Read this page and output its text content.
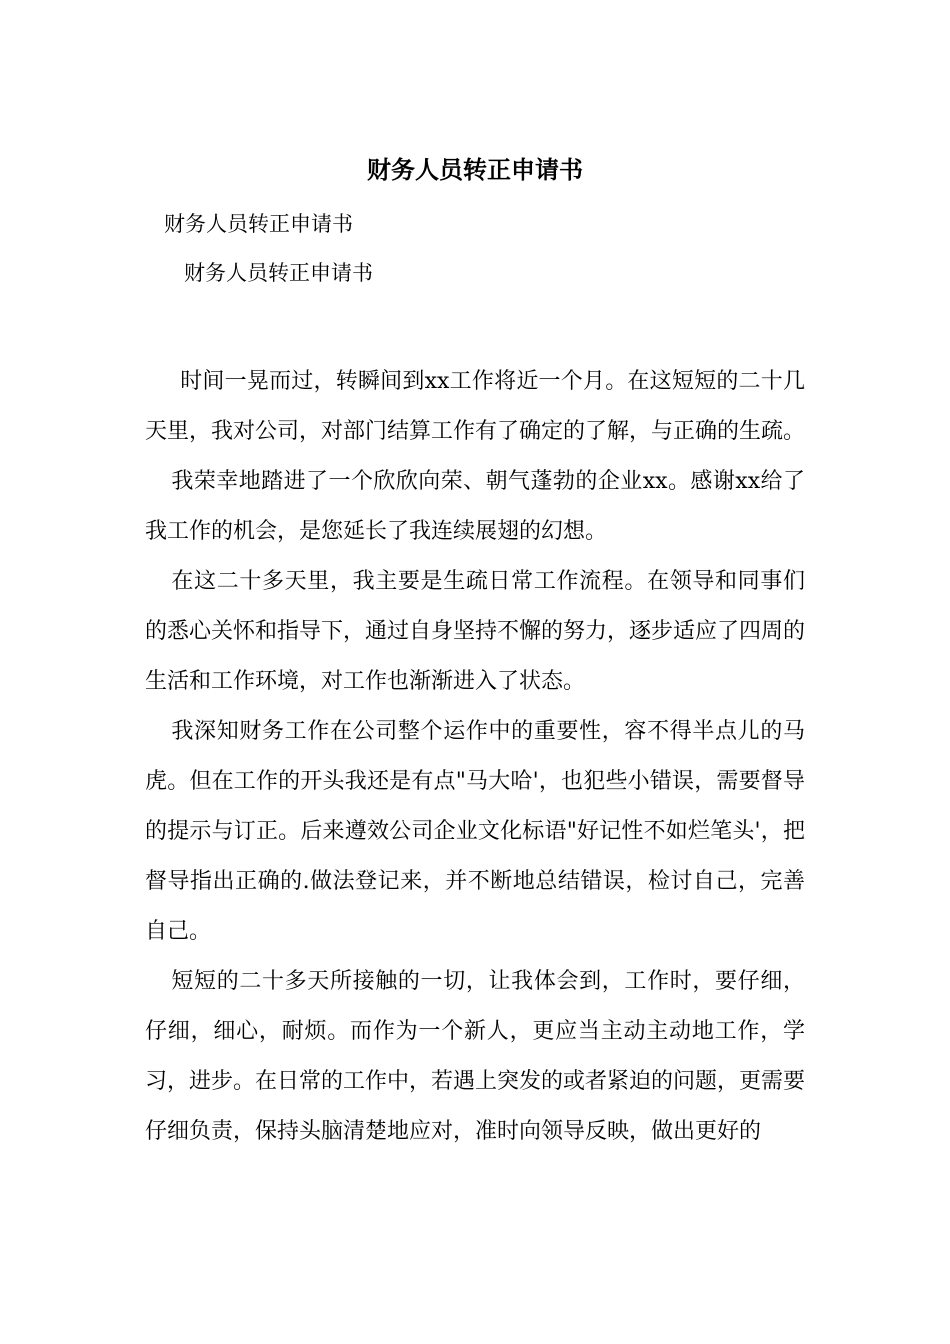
财务人员转正申请书

财务人员转正申请书

财务人员转正申请书

时间一晃而过，转瞬间到xx工作将近一个月。在这短短的二十几天里，我对公司，对部门结算工作有了确定的了解，与正确的生疏。

我荣幸地踏进了一个欣欣向荣、朝气蓬勃的企业xx。感谢xx给了我工作的机会，是您延长了我连续展翅的幻想。

在这二十多天里，我主要是生疏日常工作流程。在领导和同事们的悉心关怀和指导下，通过自身坚持不懈的努力，逐步适应了四周的生活和工作环境，对工作也渐渐进入了状态。

我深知财务工作在公司整个运作中的重要性，容不得半点儿的马虎。但在工作的开头我还是有点"马大哈'，也犯些小错误，需要督导的提示与订正。后来遵效公司企业文化标语"好记性不如烂笔头'，把督导指出正确的.做法登记来，并不断地总结错误，检讨自己，完善自己。

短短的二十多天所接触的一切，让我体会到，工作时，要仔细，仔细，细心，耐烦。而作为一个新人，更应当主动主动地工作，学习，进步。在日常的工作中，若遇上突发的或者紧迫的问题，更需要仔细负责，保持头脑清楚地应对，准时向领导反映，做出更好的
